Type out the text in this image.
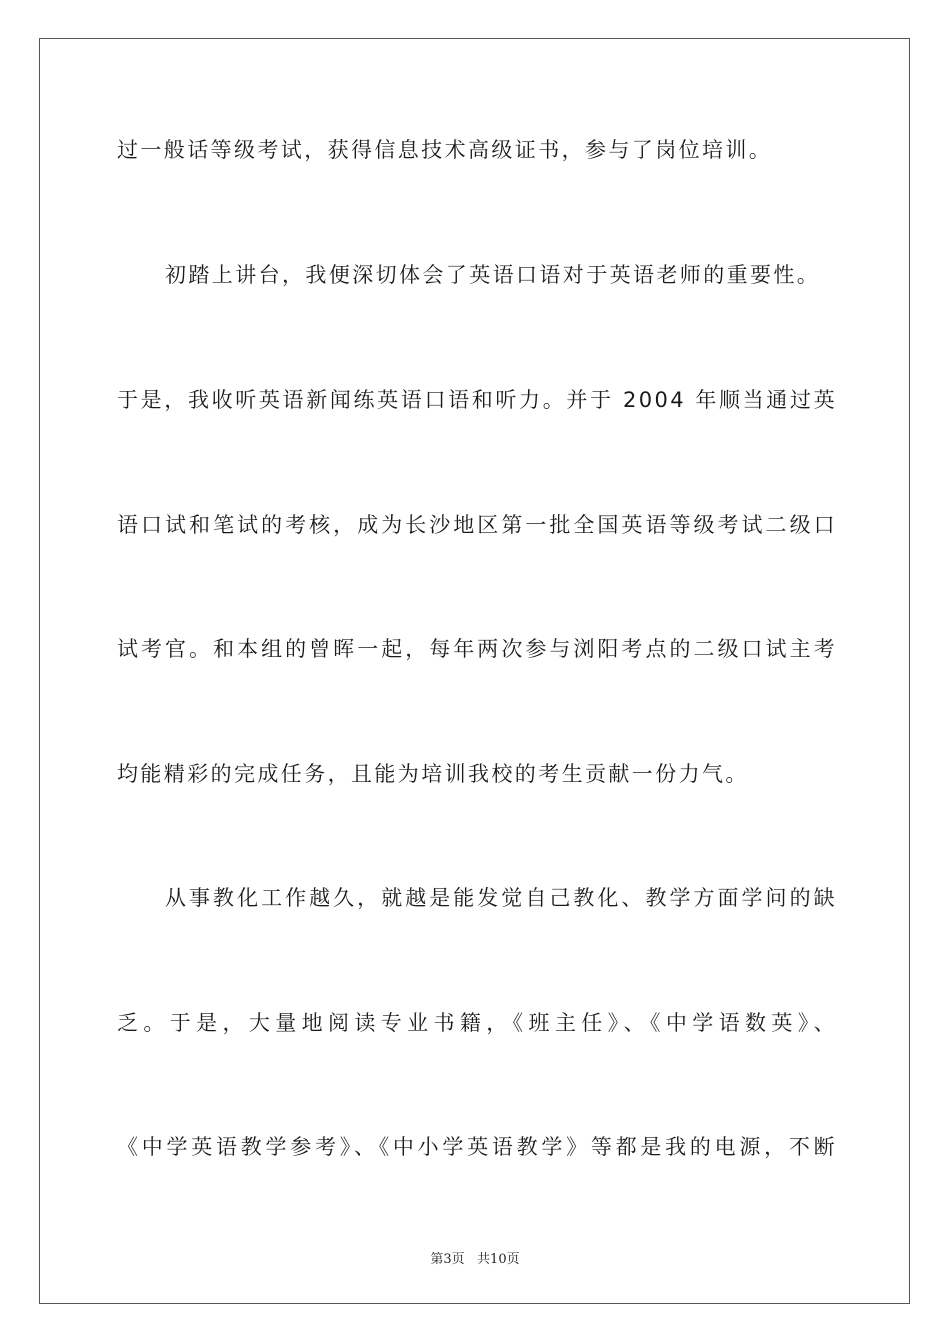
过一般话等级考试，获得信息技术高级证书，参与了岗位培训。
初踏上讲台，我便深切体会了英语口语对于英语老师的重要性。
于是，我收听英语新闻练英语口语和听力。并于 2004 年顺当通过英
语口试和笔试的考核，成为长沙地区第一批全国英语等级考试二级口
试考官。和本组的曾晖一起，每年两次参与浏阳考点的二级口试主考
均能精彩的完成任务，且能为培训我校的考生贡献一份力气。
从事教化工作越久，就越是能发觉自己教化、教学方面学问的缺
乏。于是，大量地阅读专业书籍，《班主任》、《中学语数英》、
《中学英语教学参考》、《中小学英语教学》等都是我的电源，不断
第3页   共10页
